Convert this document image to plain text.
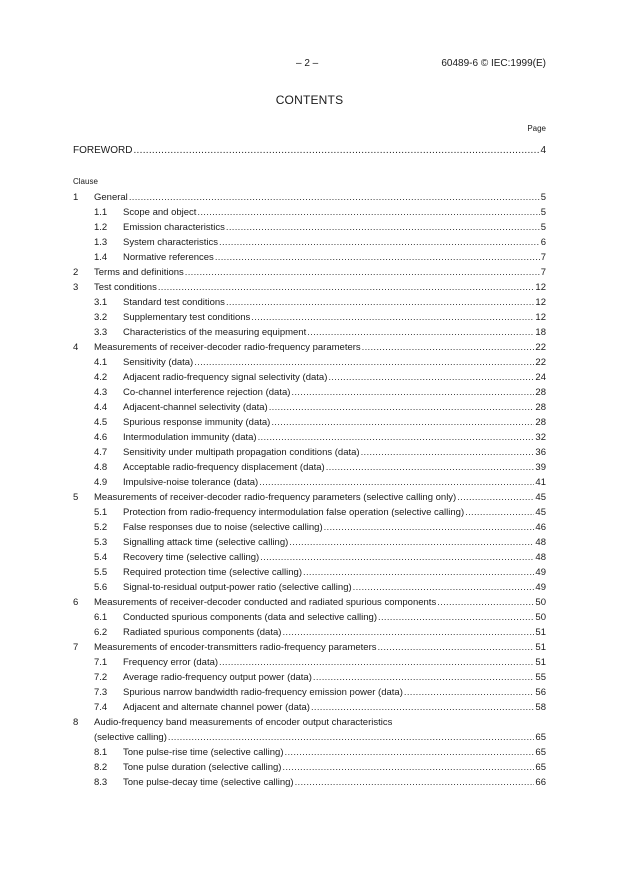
– 2 –	60489-6 © IEC:1999(E)
CONTENTS
Page
FOREWORD .....	4
Clause
1	General .....	5
1.1	Scope and object .....	5
1.2	Emission characteristics .....	5
1.3	System characteristics .....	6
1.4	Normative references .....	7
2	Terms and definitions .....	7
3	Test conditions .....	12
3.1	Standard test conditions .....	12
3.2	Supplementary test conditions .....	12
3.3	Characteristics of the measuring equipment .....	18
4	Measurements of receiver-decoder radio-frequency parameters .....	22
4.1	Sensitivity (data) .....	22
4.2	Adjacent radio-frequency signal selectivity (data) .....	24
4.3	Co-channel interference rejection (data) .....	28
4.4	Adjacent-channel selectivity (data) .....	28
4.5	Spurious response immunity (data) .....	28
4.6	Intermodulation immunity (data) .....	32
4.7	Sensitivity under multipath propagation conditions (data) .....	36
4.8	Acceptable radio-frequency displacement (data) .....	39
4.9	Impulsive-noise tolerance (data) .....	41
5	Measurements of receiver-decoder radio-frequency parameters (selective calling only) .....	45
5.1	Protection from radio-frequency intermodulation false operation (selective calling) .....	45
5.2	False responses due to noise (selective calling) .....	46
5.3	Signalling attack time (selective calling) .....	48
5.4	Recovery time (selective calling) .....	48
5.5	Required protection time (selective calling) .....	49
5.6	Signal-to-residual output-power ratio (selective calling) .....	49
6	Measurements of receiver-decoder conducted and radiated spurious components .....	50
6.1	Conducted spurious components (data and selective calling) .....	50
6.2	Radiated spurious components (data) .....	51
7	Measurements of encoder-transmitters radio-frequency parameters .....	51
7.1	Frequency error (data) .....	51
7.2	Average radio-frequency output power (data) .....	55
7.3	Spurious narrow bandwidth radio-frequency emission power (data) .....	56
7.4	Adjacent and alternate channel power (data) .....	58
8	Audio-frequency band measurements of encoder output characteristics
(selective calling) .....	65
8.1	Tone pulse-rise time (selective calling) .....	65
8.2	Tone pulse duration (selective calling) .....	65
8.3	Tone pulse-decay time (selective calling) .....	66
